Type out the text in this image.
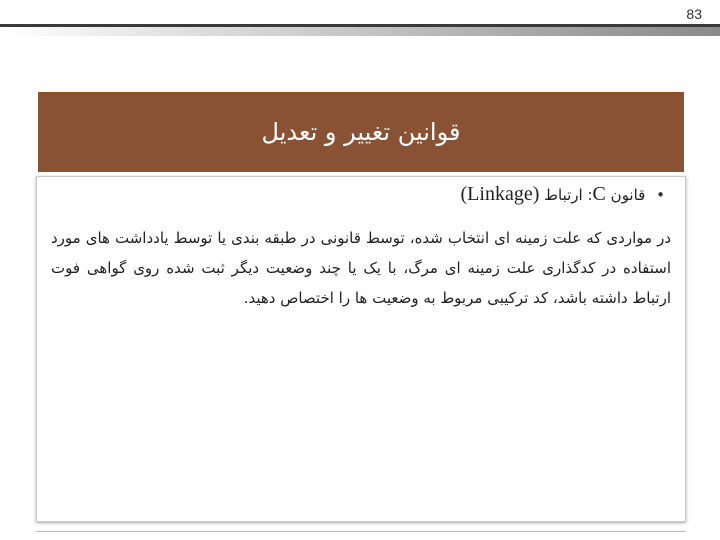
83
قوانین تغییر و تعدیل
• قانون C: ارتباط (Linkage)
در مواردی که علت زمینه ای انتخاب شده، توسط قانونی در طبقه بندی یا توسط یادداشت های مورد استفاده در کدگذاری علت زمینه ای مرگ، با یک یا چند وضعیت دیگر ثبت شده روی گواهی فوت ارتباط داشته باشد، کد ترکیبی مربوط به وضعیت ها را اختصاص دهید.
